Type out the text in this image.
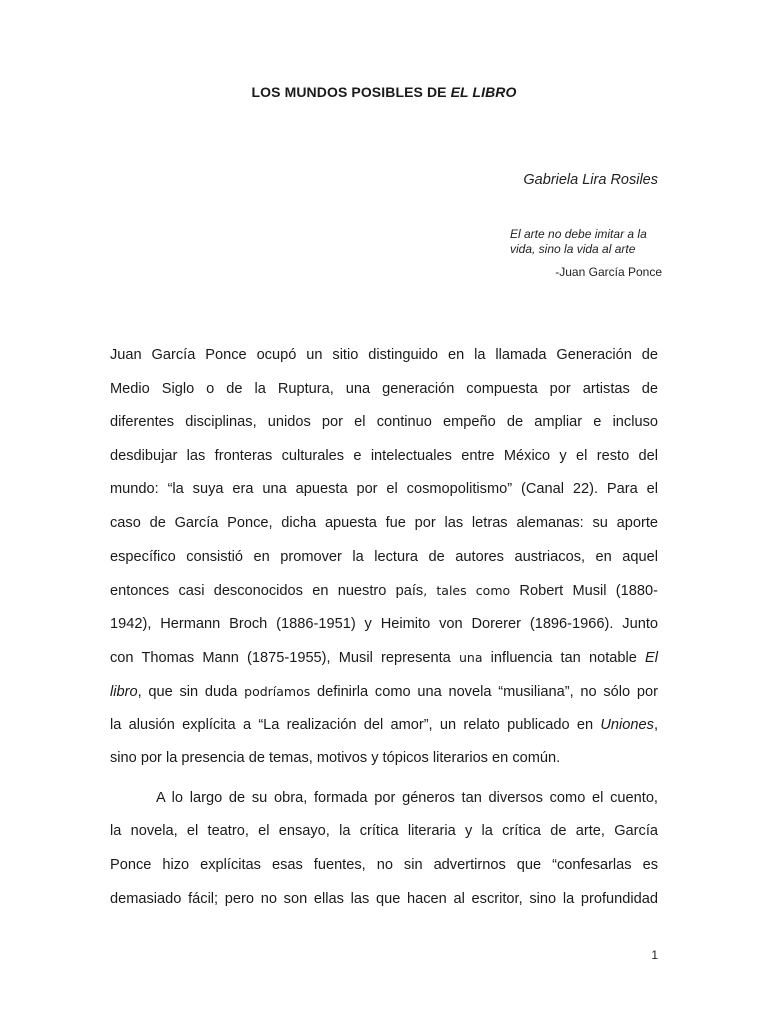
LOS MUNDOS POSIBLES DE EL LIBRO
Gabriela Lira Rosiles
El arte no debe imitar a la
vida, sino la vida al arte
-Juan García Ponce
Juan García Ponce ocupó un sitio distinguido en la llamada Generación de
Medio Siglo o de la Ruptura, una generación compuesta por artistas de
diferentes disciplinas, unidos por el continuo empeño de ampliar e incluso
desdibujar las fronteras culturales e intelectuales entre México y el resto del
mundo: “la suya era una apuesta por el cosmopolitismo” (Canal 22). Para el
caso de García Ponce, dicha apuesta fue por las letras alemanas: su aporte
específico consistió en promover la lectura de autores austriacos, en aquel
entonces casi desconocidos en nuestro país, tales como Robert Musil (1880-
1942), Hermann Broch (1886-1951) y Heimito von Dorerer (1896-1966). Junto
con Thomas Mann (1875-1955), Musil representa una influencia tan notable El
libro, que sin duda podríamos definirla como una novela “musiliana”, no sólo por
la alusión explícita a “La realización del amor”, un relato publicado en Uniones,
sino por la presencia de temas, motivos y tópicos literarios en común.
A lo largo de su obra, formada por géneros tan diversos como el cuento,
la novela, el teatro, el ensayo, la crítica literaria y la crítica de arte, García
Ponce hizo explícitas esas fuentes, no sin advertirnos que “confesarlas es
demasiado fácil; pero no son ellas las que hacen al escritor, sino la profundidad
1
